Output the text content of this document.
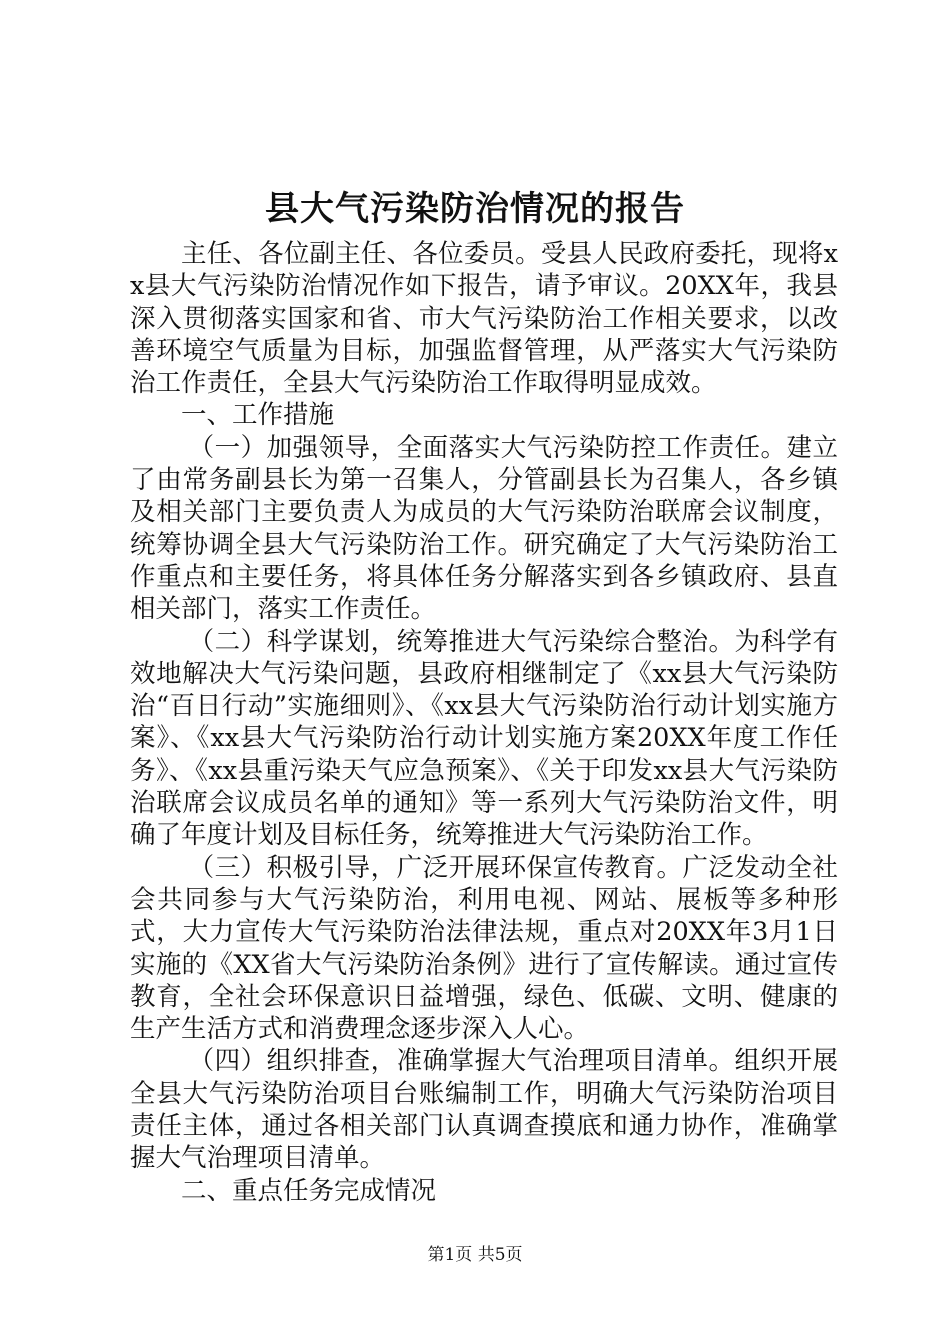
县大气污染防治情况的报告

主任、各位副主任、各位委员。受县人民政府委托，现将xx县大气污染防治情况作如下报告，请予审议。20XX年，我县深入贯彻落实国家和省、市大气污染防治工作相关要求，以改善环境空气质量为目标，加强监督管理，从严落实大气污染防治工作责任，全县大气污染防治工作取得明显成效。

一、工作措施

（一）加强领导，全面落实大气污染防控工作责任。建立了由常务副县长为第一召集人，分管副县长为召集人，各乡镇及相关部门主要负责人为成员的大气污染防治联席会议制度，统筹协调全县大气污染防治工作。研究确定了大气污染防治工作重点和主要任务，将具体任务分解落实到各乡镇政府、县直相关部门，落实工作责任。

（二）科学谋划，统筹推进大气污染综合整治。为科学有效地解决大气污染问题，县政府相继制定了《xx县大气污染防治“百日行动”实施细则》、《xx县大气污染防治行动计划实施方案》、《xx县大气污染防治行动计划实施方案20XX年度工作任务》、《xx县重污染天气应急预案》、《关于印发xx县大气污染防治联席会议成员名单的通知》等一系列大气污染防治文件，明确了年度计划及目标任务，统筹推进大气污染防治工作。

（三）积极引导，广泛开展环保宣传教育。广泛发动全社会共同参与大气污染防治，利用电视、网站、展板等多种形式，大力宣传大气污染防治法律法规，重点对20XX年3月1日实施的《XX省大气污染防治条例》进行了宣传解读。通过宣传教育，全社会环保意识日益增强，绿色、低碳、文明、健康的生产生活方式和消费理念逐步深入人心。

（四）组织排查，准确掌握大气治理项目清单。组织开展全县大气污染防治项目台账编制工作，明确大气污染防治项目责任主体，通过各相关部门认真调查摸底和通力协作，准确掌握大气治理项目清单。

二、重点任务完成情况

第1页 共5页
